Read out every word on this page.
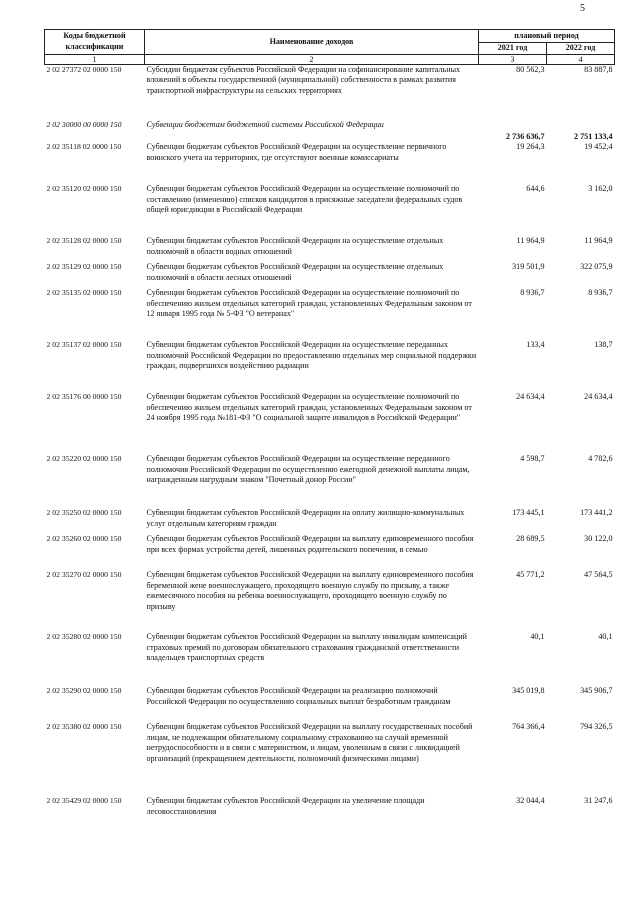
5
Коды бюджетной классификации	Наименование доходов	плановый период	
		2021 год	2022 год
1	2	3	4
2 02 27372 02 0000 150	Субсидии бюджетам субъектов Российской Федерации на софинансирование капитальных вложений в объекты государственной (муниципальной) собственности в рамках развития транспортной инфраструктуры на сельских территориях	80 562,3	83 887,8
2 02 30000 00 0000 150	Субвенции бюджетам бюджетной системы Российской Федерации	2 736 636,7	2 751 133,4
2 02 35118 02 0000 150	Субвенции бюджетам субъектов Российской Федерации на осуществление первичного воинского учета на территориях, где отсутствуют военные комиссариаты	19 264,3	19 452,4
2 02 35120 02 0000 150	Субвенции бюджетам субъектов Российской Федерации на осуществление полномочий по составлению (изменению) списков кандидатов в присяжные заседатели федеральных судов общей юрисдикции в Российской Федерации	644,6	3 162,0
2 02 35128 02 0000 150	Субвенции бюджетам субъектов Российской Федерации на осуществление отдельных полномочий в области водных отношений	11 964,9	11 964,9
2 02 35129 02 0000 150	Субвенции бюджетам субъектов Российской Федерации на осуществление отдельных полномочий в области лесных отношений	319 501,9	322 075,9
2 02 35135 02 0000 150	Субвенции бюджетам субъектов Российской Федерации на осуществление полномочий по обеспечению жильем отдельных категорий граждан, установленных Федеральным законом от 12 января 1995 года № 5-ФЗ "О ветеранах"	8 936,7	8 936,7
2 02 35137 02 0000 150	Субвенции бюджетам субъектов Российской Федерации на осуществление переданных полномочий Российской Федерации по предоставлению отдельных мер социальной поддержки граждан, подвергшихся воздействию радиации	133,4	138,7
2 02 35176 00 0000 150	Субвенции бюджетам субъектов Российской Федерации на осуществление полномочий по обеспечению жильем отдельных категорий граждан, установленных Федеральным законом от 24 ноября 1995 года №181-ФЗ "О социальной защите инвалидов в Российской Федерации"	24 634,4	24 634,4
2 02 35220 02 0000 150	Субвенции бюджетам субъектов Российской Федерации на осуществление переданного полномочия Российской Федерации по осуществлению ежегодной денежной выплаты лицам, награжденным нагрудным знаком "Почетный донор России"	4 598,7	4 782,6
2 02 35250 02 0000 150	Субвенции бюджетам субъектов Российской Федерации на оплату жилищно-коммунальных услуг отдельным категориям граждан	173 445,1	173 441,2
2 02 35260 02 0000 150	Субвенции бюджетам субъектов Российской Федерации на выплату единовременного пособия при всех формах устройства детей, лишенных родительского попечения, в семью	28 689,5	30 122,0
2 02 35270 02 0000 150	Субвенции бюджетам субъектов Российской Федерации на выплату единовременного пособия беременной жене военнослужащего, проходящего военную службу по призыву, а также ежемесячного пособия на ребенка военнослужащего, проходящего военную службу по призыву	45 771,2	47 564,5
2 02 35280 02 0000 150	Субвенции бюджетам субъектов Российской Федерации на выплату инвалидам компенсаций страховых премий по договорам обязательного страхования гражданской ответственности владельцев транспортных средств	40,1	40,1
2 02 35290 02 0000 150	Субвенции бюджетам субъектов Российской Федерации на реализацию полномочий Российской Федерации по осуществлению социальных выплат безработным гражданам	345 019,8	345 906,7
2 02 35380 02 0000 150	Субвенции бюджетам субъектов Российской Федерации на выплату государственных пособий лицам, не подлежащим обязательному социальному страхованию на случай временной нетрудоспособности и в связи с материнством, и лицам, уволенным в связи с ликвидацией организаций (прекращением деятельности, полномочий физическими лицами)	764 366,4	794 326,5
2 02 35429 02 0000 150	Субвенции бюджетам субъектов Российской Федерации на увеличение площади лесовосстановления	32 044,4	31 247,6
